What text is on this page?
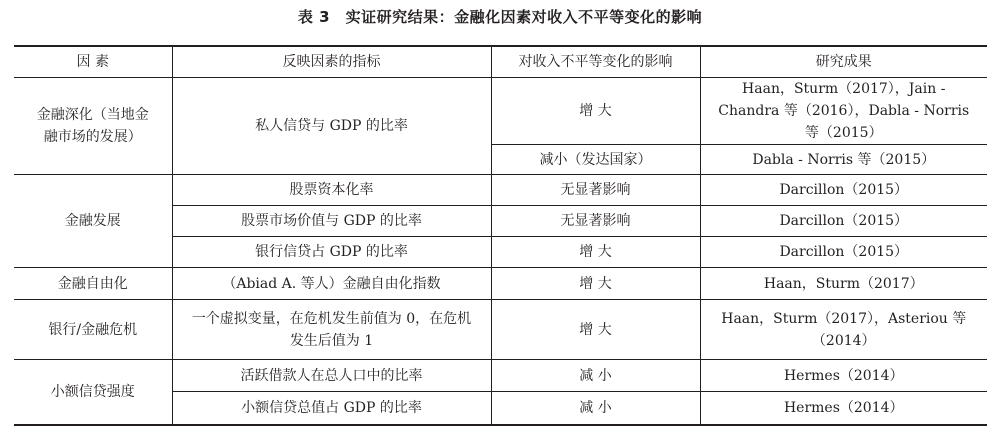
表 3　实证研究结果：金融化因素对收入不平等变化的影响
因 素	反映因素的指标	对收入不平等变化的影响	研究成果
金融深化（当地金融市场的发展）	私人信贷与 GDP 的比率	增 大	Haan，Sturm（2017），Jain - Chandra 等（2016），Dabla - Norris 等（2015）
		减小（发达国家）	Dabla - Norris 等（2015）
金融发展	股票资本化率	无显著影响	Darcillon（2015）
	股票市场价值与 GDP 的比率	无显著影响	Darcillon（2015）
	银行信贷占 GDP 的比率	增 大	Darcillon（2015）
金融自由化	（Abiad A. 等人）金融自由化指数	增 大	Haan，Sturm（2017）
银行/金融危机	一个虚拟变量，在危机发生前值为 0，在危机发生后值为 1	增 大	Haan，Sturm（2017），Asteriou 等（2014）
小额信贷强度	活跃借款人在总人口中的比率	减 小	Hermes（2014）
	小额信贷总值占 GDP 的比率	减 小	Hermes（2014）
